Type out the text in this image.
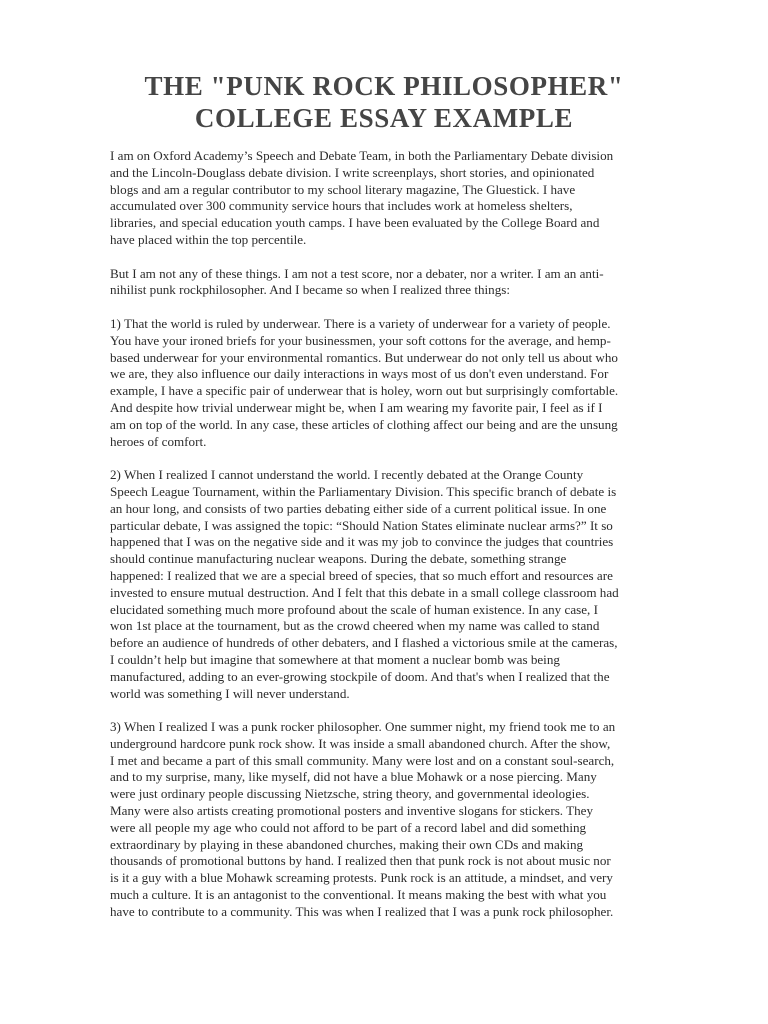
THE "PUNK ROCK PHILOSOPHER"
COLLEGE ESSAY EXAMPLE

I am on Oxford Academy’s Speech and Debate Team, in both the Parliamentary Debate division
and the Lincoln-Douglass debate division. I write screenplays, short stories, and opinionated
blogs and am a regular contributor to my school literary magazine, The Gluestick. I have
accumulated over 300 community service hours that includes work at homeless shelters,
libraries, and special education youth camps. I have been evaluated by the College Board and
have placed within the top percentile.

But I am not any of these things. I am not a test score, nor a debater, nor a writer. I am an anti-
nihilist punk rockphilosopher. And I became so when I realized three things:

1) That the world is ruled by underwear. There is a variety of underwear for a variety of people.
You have your ironed briefs for your businessmen, your soft cottons for the average, and hemp-
based underwear for your environmental romantics. But underwear do not only tell us about who
we are, they also influence our daily interactions in ways most of us don't even understand. For
example, I have a specific pair of underwear that is holey, worn out but surprisingly comfortable.
And despite how trivial underwear might be, when I am wearing my favorite pair, I feel as if I
am on top of the world. In any case, these articles of clothing affect our being and are the unsung
heroes of comfort.

2) When I realized I cannot understand the world. I recently debated at the Orange County
Speech League Tournament, within the Parliamentary Division. This specific branch of debate is
an hour long, and consists of two parties debating either side of a current political issue. In one
particular debate, I was assigned the topic: “Should Nation States eliminate nuclear arms?” It so
happened that I was on the negative side and it was my job to convince the judges that countries
should continue manufacturing nuclear weapons. During the debate, something strange
happened: I realized that we are a special breed of species, that so much effort and resources are
invested to ensure mutual destruction. And I felt that this debate in a small college classroom had
elucidated something much more profound about the scale of human existence. In any case, I
won 1st place at the tournament, but as the crowd cheered when my name was called to stand
before an audience of hundreds of other debaters, and I flashed a victorious smile at the cameras,
I couldn’t help but imagine that somewhere at that moment a nuclear bomb was being
manufactured, adding to an ever-growing stockpile of doom. And that's when I realized that the
world was something I will never understand.

3) When I realized I was a punk rocker philosopher. One summer night, my friend took me to an
underground hardcore punk rock show. It was inside a small abandoned church. After the show,
I met and became a part of this small community. Many were lost and on a constant soul-search,
and to my surprise, many, like myself, did not have a blue Mohawk or a nose piercing. Many
were just ordinary people discussing Nietzsche, string theory, and governmental ideologies.
Many were also artists creating promotional posters and inventive slogans for stickers. They
were all people my age who could not afford to be part of a record label and did something
extraordinary by playing in these abandoned churches, making their own CDs and making
thousands of promotional buttons by hand. I realized then that punk rock is not about music nor
is it a guy with a blue Mohawk screaming protests. Punk rock is an attitude, a mindset, and very
much a culture. It is an antagonist to the conventional. It means making the best with what you
have to contribute to a community. This was when I realized that I was a punk rock philosopher.
